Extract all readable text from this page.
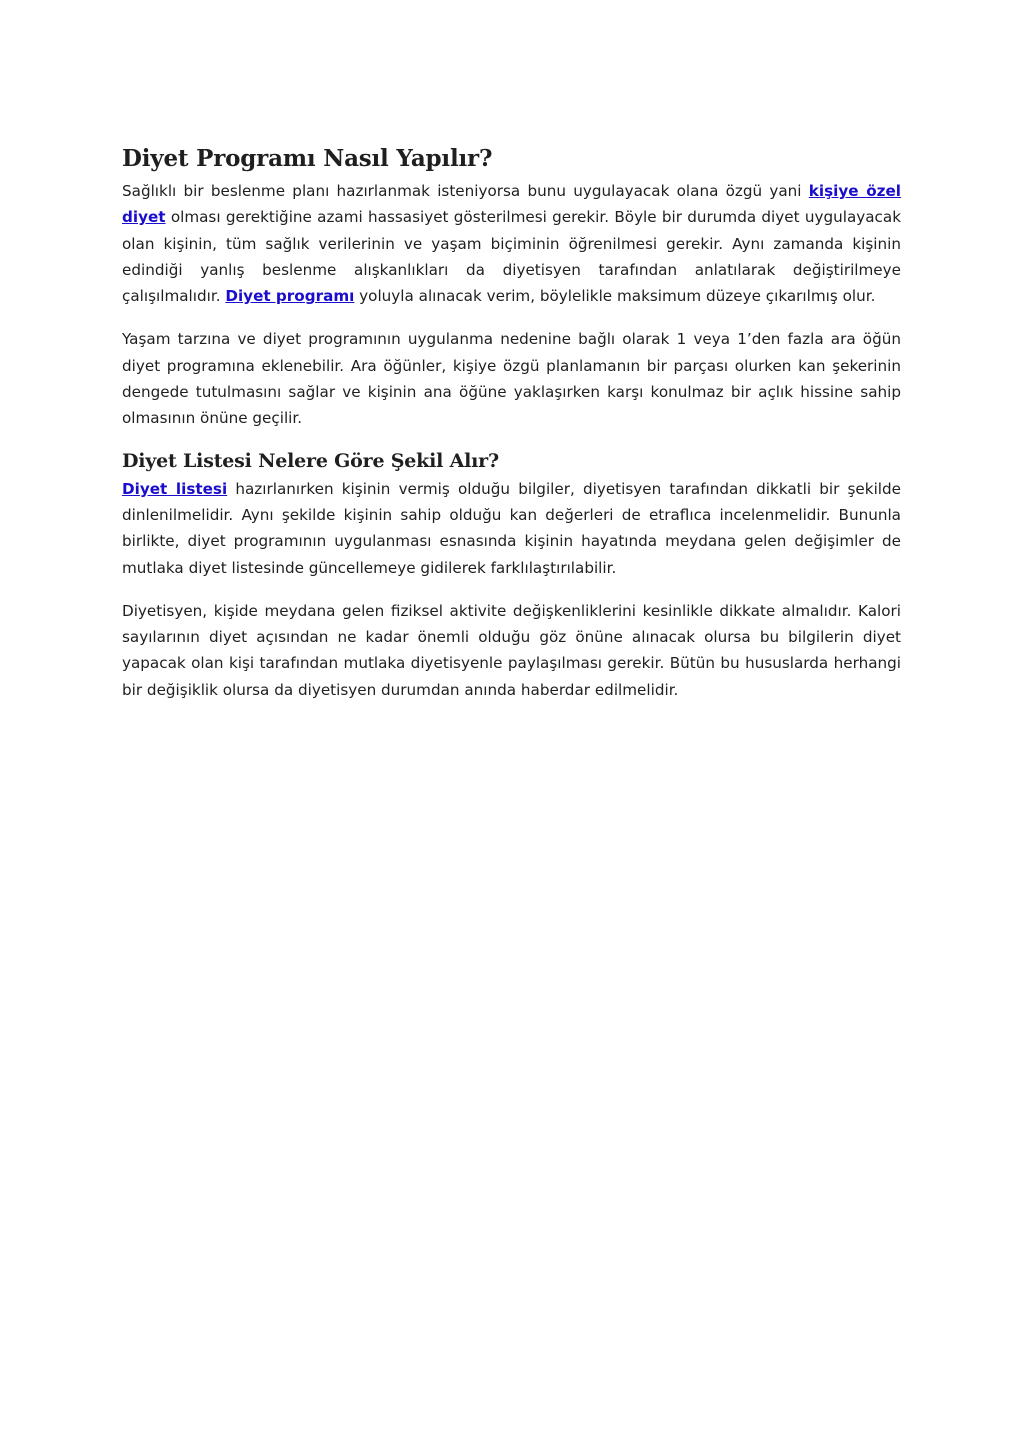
Diyet Programı Nasıl Yapılır?

Sağlıklı bir beslenme planı hazırlanmak isteniyorsa bunu uygulayacak olana özgü yani kişiye özel diyet olması gerektiğine azami hassasiyet gösterilmesi gerekir. Böyle bir durumda diyet uygulayacak olan kişinin, tüm sağlık verilerinin ve yaşam biçiminin öğrenilmesi gerekir. Aynı zamanda kişinin edindiği yanlış beslenme alışkanlıkları da diyetisyen tarafından anlatılarak değiştirilmeye çalışılmalıdır. Diyet programı yoluyla alınacak verim, böylelikle maksimum düzeye çıkarılmış olur.

Yaşam tarzına ve diyet programının uygulanma nedenine bağlı olarak 1 veya 1’den fazla ara öğün diyet programına eklenebilir. Ara öğünler, kişiye özgü planlamanın bir parçası olurken kan şekerinin dengede tutulmasını sağlar ve kişinin ana öğüne yaklaşırken karşı konulmaz bir açlık hissine sahip olmasının önüne geçilir.

Diyet Listesi Nelere Göre Şekil Alır?

Diyet listesi hazırlanırken kişinin vermiş olduğu bilgiler, diyetisyen tarafından dikkatli bir şekilde dinlenilmelidir. Aynı şekilde kişinin sahip olduğu kan değerleri de etraflıca incelenmelidir. Bununla birlikte, diyet programının uygulanması esnasında kişinin hayatında meydana gelen değişimler de mutlaka diyet listesinde güncellemeye gidilerek farklılaştırılabilir.

Diyetisyen, kişide meydana gelen fiziksel aktivite değişkenliklerini kesinlikle dikkate almalıdır. Kalori sayılarının diyet açısından ne kadar önemli olduğu göz önüne alınacak olursa bu bilgilerin diyet yapacak olan kişi tarafından mutlaka diyetisyenle paylaşılması gerekir. Bütün bu hususlarda herhangi bir değişiklik olursa da diyetisyen durumdan anında haberdar edilmelidir.
